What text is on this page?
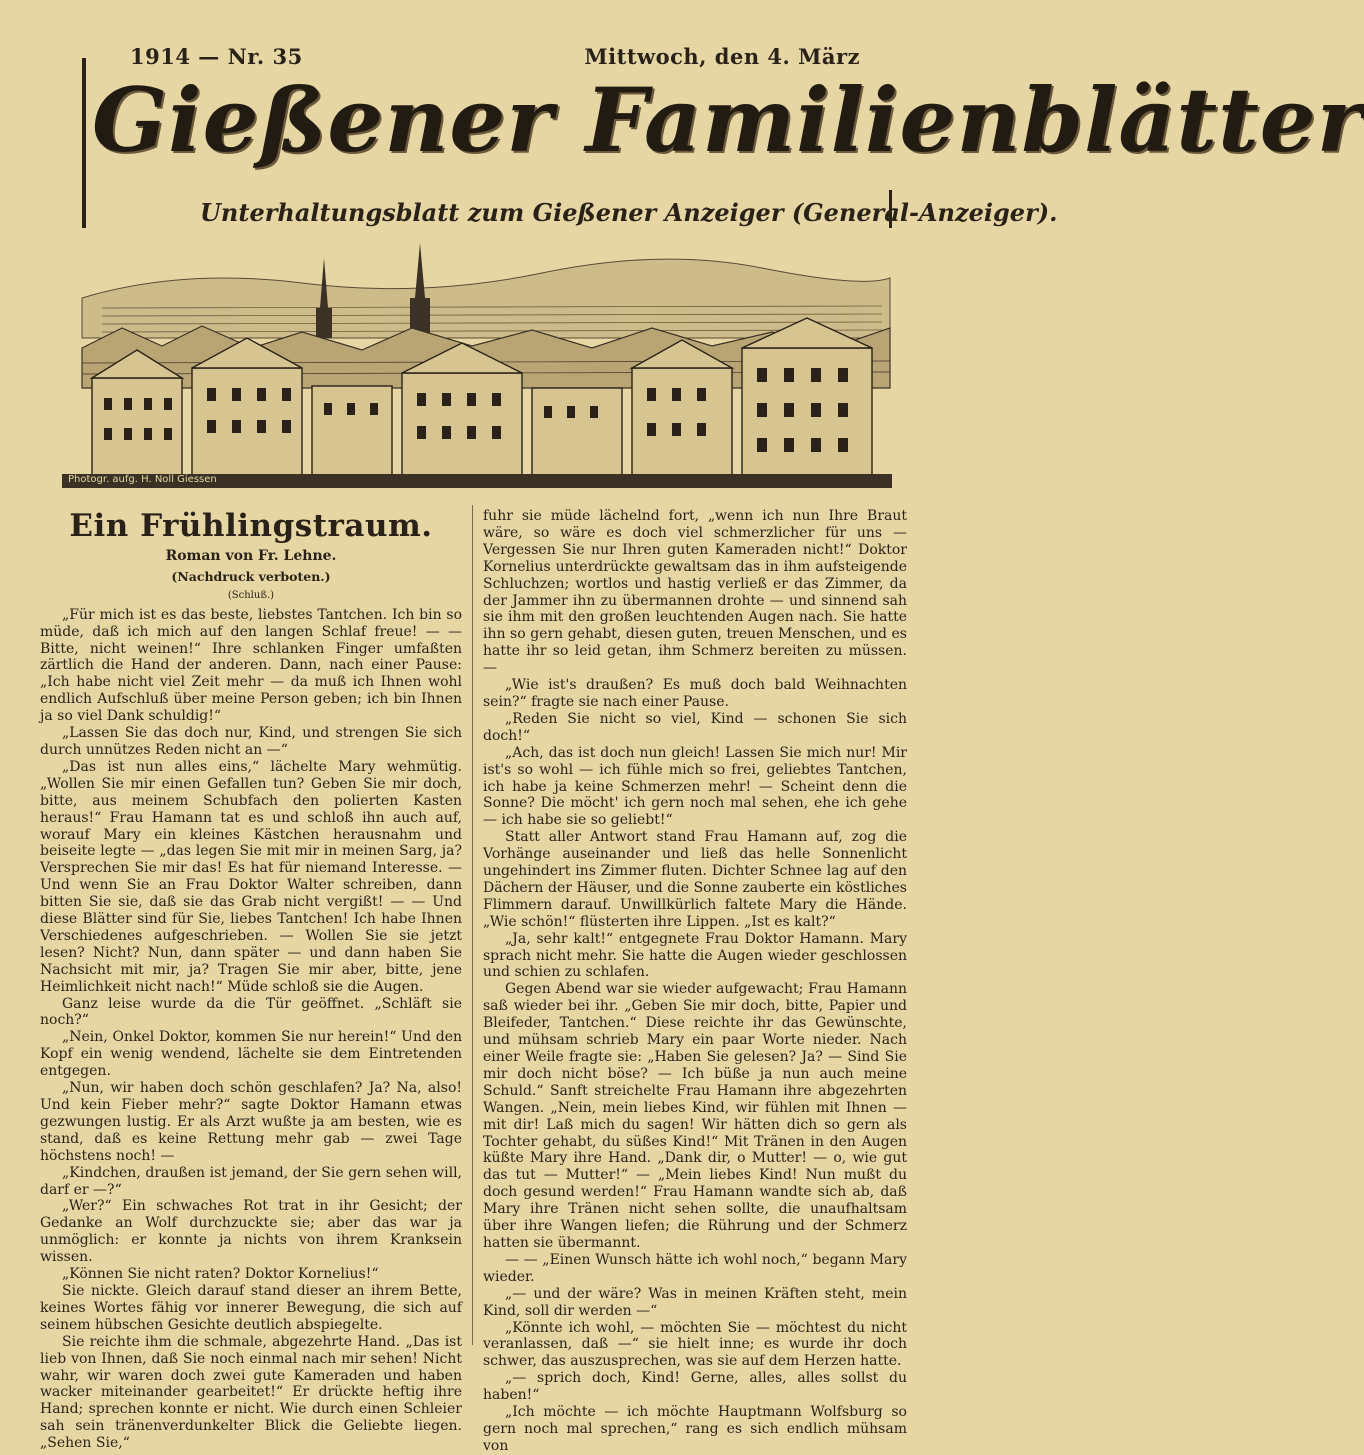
1914 — Nr. 35	Mittwoch, den 4. März
Gießener Familienblätter
Unterhaltungsblatt zum Gießener Anzeiger (General-Anzeiger).
Photogr. aufg. H. Noll Giessen
Ein Frühlingstraum.
Roman von Fr. Lehne.
(Nachdruck verboten.)
(Schluß.)

„Für mich ist es das beste, liebstes Tantchen. Ich bin so müde, daß ich mich auf den langen Schlaf freue! — — Bitte, nicht weinen!“ Ihre schlanken Finger umfaßten zärtlich die Hand der anderen. Dann, nach einer Pause: „Ich habe nicht viel Zeit mehr — da muß ich Ihnen wohl endlich Aufschluß über meine Person geben; ich bin Ihnen ja so viel Dank schuldig!“

„Lassen Sie das doch nur, Kind, und strengen Sie sich durch unnützes Reden nicht an —“

„Das ist nun alles eins,“ lächelte Mary wehmütig. „Wollen Sie mir einen Gefallen tun? Geben Sie mir doch, bitte, aus meinem Schubfach den polierten Kasten heraus!“ Frau Hamann tat es und schloß ihn auch auf, worauf Mary ein kleines Kästchen herausnahm und beiseite legte — „das legen Sie mit mir in meinen Sarg, ja? Versprechen Sie mir das! Es hat für niemand Interesse. — Und wenn Sie an Frau Doktor Walter schreiben, dann bitten Sie sie, daß sie das Grab nicht vergißt! — — Und diese Blätter sind für Sie, liebes Tantchen! Ich habe Ihnen Verschiedenes aufgeschrieben. — Wollen Sie sie jetzt lesen? Nicht? Nun, dann später — und dann haben Sie Nachsicht mit mir, ja? Tragen Sie mir aber, bitte, jene Heimlichkeit nicht nach!“ Müde schloß sie die Augen.

Ganz leise wurde da die Tür geöffnet. „Schläft sie noch?“

„Nein, Onkel Doktor, kommen Sie nur herein!“ Und den Kopf ein wenig wendend, lächelte sie dem Eintretenden entgegen.

„Nun, wir haben doch schön geschlafen? Ja? Na, also! Und kein Fieber mehr?“ sagte Doktor Hamann etwas gezwungen lustig. Er als Arzt wußte ja am besten, wie es stand, daß es keine Rettung mehr gab — zwei Tage höchstens noch! —

„Kindchen, draußen ist jemand, der Sie gern sehen will, darf er —?“

„Wer?“ Ein schwaches Rot trat in ihr Gesicht; der Gedanke an Wolf durchzuckte sie; aber das war ja unmöglich: er konnte ja nichts von ihrem Kranksein wissen.

„Können Sie nicht raten? Doktor Kornelius!“

Sie nickte. Gleich darauf stand dieser an ihrem Bette, keines Wortes fähig vor innerer Bewegung, die sich auf seinem hübschen Gesichte deutlich abspiegelte.

Sie reichte ihm die schmale, abgezehrte Hand. „Das ist lieb von Ihnen, daß Sie noch einmal nach mir sehen! Nicht wahr, wir waren doch zwei gute Kameraden und haben wacker miteinander gearbeitet!“ Er drückte heftig ihre Hand; sprechen konnte er nicht. Wie durch einen Schleier sah sein tränenverdunkelter Blick die Geliebte liegen. „Sehen Sie,“

fuhr sie müde lächelnd fort, „wenn ich nun Ihre Braut wäre, so wäre es doch viel schmerzlicher für uns — Vergessen Sie nur Ihren guten Kameraden nicht!“ Doktor Kornelius unterdrückte gewaltsam das in ihm aufsteigende Schluchzen; wortlos und hastig verließ er das Zimmer, da der Jammer ihn zu übermannen drohte — und sinnend sah sie ihm mit den großen leuchtenden Augen nach. Sie hatte ihn so gern gehabt, diesen guten, treuen Menschen, und es hatte ihr so leid getan, ihm Schmerz bereiten zu müssen. —

„Wie ist's draußen? Es muß doch bald Weihnachten sein?“ fragte sie nach einer Pause.

„Reden Sie nicht so viel, Kind — schonen Sie sich doch!“

„Ach, das ist doch nun gleich! Lassen Sie mich nur! Mir ist's so wohl — ich fühle mich so frei, geliebtes Tantchen, ich habe ja keine Schmerzen mehr! — Scheint denn die Sonne? Die möcht' ich gern noch mal sehen, ehe ich gehe — ich habe sie so geliebt!“

Statt aller Antwort stand Frau Hamann auf, zog die Vorhänge auseinander und ließ das helle Sonnenlicht ungehindert ins Zimmer fluten. Dichter Schnee lag auf den Dächern der Häuser, und die Sonne zauberte ein köstliches Flimmern darauf. Unwillkürlich faltete Mary die Hände. „Wie schön!“ flüsterten ihre Lippen. „Ist es kalt?“

„Ja, sehr kalt!“ entgegnete Frau Doktor Hamann. Mary sprach nicht mehr. Sie hatte die Augen wieder geschlossen und schien zu schlafen.

Gegen Abend war sie wieder aufgewacht; Frau Hamann saß wieder bei ihr. „Geben Sie mir doch, bitte, Papier und Bleifeder, Tantchen.“ Diese reichte ihr das Gewünschte, und mühsam schrieb Mary ein paar Worte nieder. Nach einer Weile fragte sie: „Haben Sie gelesen? Ja? — Sind Sie mir doch nicht böse? — Ich büße ja nun auch meine Schuld.“ Sanft streichelte Frau Hamann ihre abgezehrten Wangen. „Nein, mein liebes Kind, wir fühlen mit Ihnen — mit dir! Laß mich du sagen! Wir hätten dich so gern als Tochter gehabt, du süßes Kind!“ Mit Tränen in den Augen küßte Mary ihre Hand. „Dank dir, o Mutter! — o, wie gut das tut — Mutter!“ — „Mein liebes Kind! Nun mußt du doch gesund werden!“ Frau Hamann wandte sich ab, daß Mary ihre Tränen nicht sehen sollte, die unaufhaltsam über ihre Wangen liefen; die Rührung und der Schmerz hatten sie übermannt.

— — „Einen Wunsch hätte ich wohl noch,“ begann Mary wieder.

„— und der wäre? Was in meinen Kräften steht, mein Kind, soll dir werden —“

„Könnte ich wohl, — möchten Sie — möchtest du nicht veranlassen, daß —“ sie hielt inne; es wurde ihr doch schwer, das auszusprechen, was sie auf dem Herzen hatte.

„— sprich doch, Kind! Gerne, alles, alles sollst du haben!“

„Ich möchte — ich möchte Hauptmann Wolfsburg so gern noch mal sprechen,“ rang es sich endlich mühsam von
